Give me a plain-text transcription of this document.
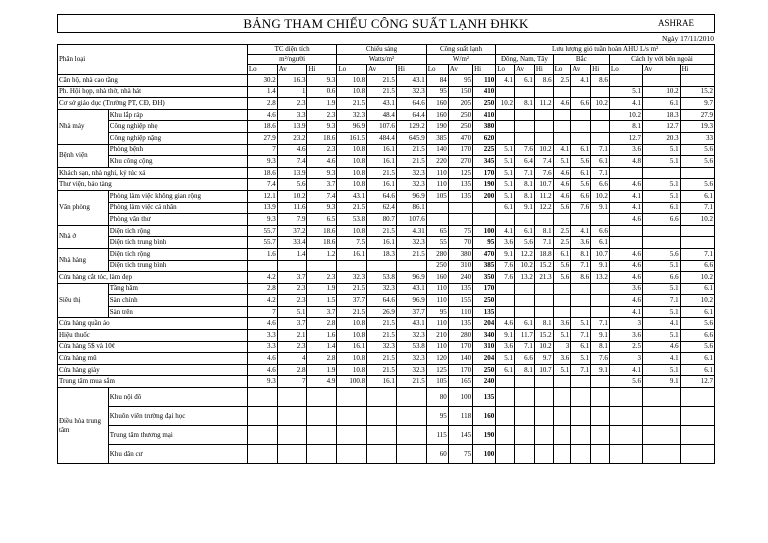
BẢNG THAM CHIẾU CÔNG SUẤT LẠNH ĐHKK	ASHRAE
Ngày 17/11/2010
Phân loại		TC diện tích			Chiếu sáng			Công suất lạnh			Lưu lượng gió tuần hoàn AHU L/s m²								
		m²/người			Watts/m²			W/m²			Đông, Nam, Tây			Bắc			Cách ly với bên ngoài		
		Lo	Av	Hi	Lo	Av	Hi	Lo	Av	Hi	Lo	Av	Hi	Lo	Av	Hi	Lo	Av	Hi
Căn hộ, nhà cao tầng		30.2	16.3	9.3	10.8	21.5	43.1	84	95	110	4.1	6.1	8.6	2.5	4.1	8.6			
Ph. Hội họp, nhà thờ, nhà hát		1.4	1	0.6	10.8	21.5	32.3	95	150	410							5.1	10.2	15.2
Cơ sở giáo dục (Trường PT, CĐ, ĐH)		2.8	2.3	1.9	21.5	43.1	64.6	160	205	250	10.2	8.1	11.2	4.6	6.6	10.2	4.1	6.1	9.7
Nhà máy	Khu lắp ráp	4.6	3.3	2.3	32.3	48.4	64.4	160	250	410							10.2	18.3	27.9
	Công nghiệp nhẹ	18.6	13.9	9.3	96.9	107.6	129.2	190	250	380							8.1	12.7	19.3
	Công nghiệp nặng	27.9	23.2	18.6	161.5	484.4	645.9	385	470	620							12.7	20.3	33
Bệnh viện	Phòng bệnh	7	4.6	2.3	10.8	16.1	21.5	140	170	225	5.1	7.6	10.2	4.1	6.1	7.1	3.6	5.1	5.6
	Khu công cộng	9.3	7.4	4.6	10.8	16.1	21.5	220	270	345	5.1	6.4	7.4	5.1	5.6	6.1	4.8	5.1	5.6
Khách sạn, nhà nghỉ, ký túc xá		18.6	13.9	9.3	10.8	21.5	32.3	110	125	170	5.1	7.1	7.6	4.6	6.1	7.1			
Thư viện, bảo tàng		7.4	5.6	3.7	10.8	16.1	32.3	110	135	190	5.1	8.1	10.7	4.6	5.6	6.6	4.6	5.1	5.6
Văn phòng	Phòng làm việc không gian rộng	12.1	10.2	7.4	43.1	64.6	96.9	105	135	200	5.1	8.1	11.2	4.6	6.6	10.2	4.1	5.1	6.1
	Phòng làm việc cá nhân	13.9	11.6	9.3	21.5	62.4	86.1				6.1	9.1	12.2	5.6	7.6	9.1	4.1	6.1	7.1
	Phòng văn thư	9.3	7.9	6.5	53.8	80.7	107.6										4.6	6.6	10.2
Nhà ở	Diện tích rộng	55.7	37.2	18.6	10.8	21.5	4.31	65	75	100	4.1	6.1	8.1	2.5	4.1	6.6			
	Diện tích trung bình	55.7	33.4	18.6	7.5	16.1	32.3	55	70	95	3.6	5.6	7.1	2.5	3.6	6.1			
Nhà hàng	Diện tích rộng	1.6	1.4	1.2	16.1	18.3	21.5	280	380	470	9.1	12.2	18.8	6.1	8.1	10.7	4.6	5.6	7.1
	Diện tích trung bình							250	310	385	7.6	10.2	15.2	5.6	7.1	9.1	4.6	5.1	6.6
Cửa hàng cắt tóc, làm đẹp		4.2	3.7	2.3	32.3	53.8	96.9	160	240	350	7.6	13.2	21.3	5.6	8.6	13.2	4.6	6.6	10.2
Siêu thị	Tầng hầm	2.8	2.3	1.9	21.5	32.3	43.1	110	135	170							3.6	5.1	6.1
	Sàn chính	4.2	2.3	1.5	37.7	64.6	96.9	110	155	250							4.6	7.1	10.2
	Sàn trên	7	5.1	3.7	21.5	26.9	37.7	95	110	135							4.1	5.1	6.1
Cửa hàng quần áo		4.6	3.7	2.8	10.8	21.5	43.1	110	135	204	4.6	6.1	8.1	3.6	5.1	7.1	3	4.1	5.6
Hiệu thuốc		3.3	2.1	1.6	10.8	21.5	32.3	210	280	340	9.1	11.7	15.2	5.1	7.1	9.1	3.6	5.1	6.6
Cửa hàng 5$ và 10¢		3.3	2.3	1.4	16.1	32.3	53.8	110	170	310	3.6	7.1	10.2	3	6.1	8.1	2.5	4.6	5.6
Cửa hàng mũ		4.6	4	2.8	10.8	21.5	32.3	120	140	204	5.1	6.6	9.7	3.6	5.1	7.6	3	4.1	6.1
Cửa hàng giày		4.6	2.8	1.9	10.8	21.5	32.3	125	170	250	6.1	8.1	10.7	5.1	7.1	9.1	4.1	5.1	6.1
Trung tâm mua sắm		9.3	7	4.9	100.8	16.1	21.5	105	165	240							5.6	9.1	12.7
Điều hòa trung tâm	Khu nội đô							80	100	135									
	Khuôn viên trường đại học							95	118	160									
	Trung tâm thương mại							115	145	190									
	Khu dân cư							60	75	100									
